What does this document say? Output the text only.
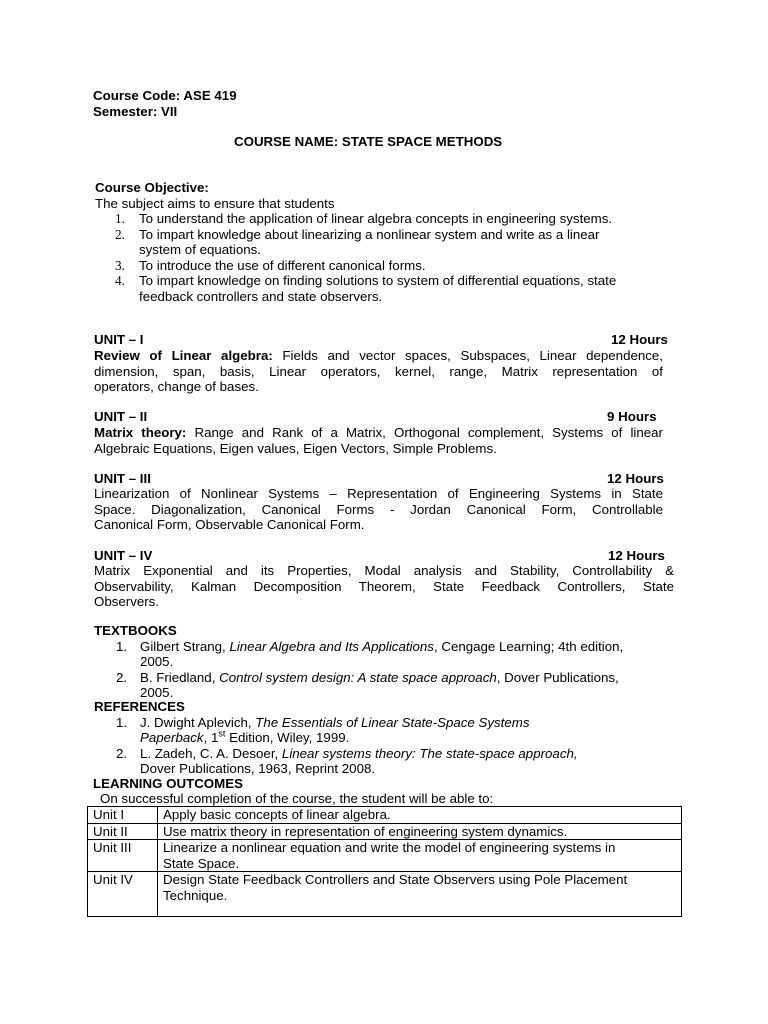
Course Code: ASE 419
Semester: VII
COURSE NAME: STATE SPACE METHODS
Course Objective:
The subject aims to ensure that students
1. To understand the application of linear algebra concepts in engineering systems.
2. To impart knowledge about linearizing a nonlinear system and write as a linear
system of equations.
3. To introduce the use of different canonical forms.
4. To impart knowledge on finding solutions to system of differential equations, state
feedback controllers and state observers.
UNIT – I	12 Hours
Review of Linear algebra: Fields and vector spaces, Subspaces, Linear dependence,
dimension, span, basis, Linear operators, kernel, range, Matrix representation of
operators, change of bases.
UNIT – II	9 Hours
Matrix theory: Range and Rank of a Matrix, Orthogonal complement, Systems of linear
Algebraic Equations, Eigen values, Eigen Vectors, Simple Problems.
UNIT – III	12 Hours
Linearization of Nonlinear Systems – Representation of Engineering Systems in State
Space. Diagonalization, Canonical Forms - Jordan Canonical Form, Controllable
Canonical Form, Observable Canonical Form.
UNIT – IV	12 Hours
Matrix Exponential and its Properties, Modal analysis and Stability, Controllability &
Observability, Kalman Decomposition Theorem, State Feedback Controllers, State
Observers.
TEXTBOOKS
1. Gilbert Strang, Linear Algebra and Its Applications, Cengage Learning; 4th edition,
2005.
2. B. Friedland, Control system design: A state space approach, Dover Publications,
2005.
REFERENCES
1. J. Dwight Aplevich, The Essentials of Linear State-Space Systems
Paperback, 1st Edition, Wiley, 1999.
2. L. Zadeh, C. A. Desoer, Linear systems theory: The state-space approach,
Dover Publications, 1963, Reprint 2008.
LEARNING OUTCOMES
On successful completion of the course, the student will be able to:
Unit I	Apply basic concepts of linear algebra.
Unit II	Use matrix theory in representation of engineering system dynamics.
Unit III	Linearize a nonlinear equation and write the model of engineering systems in
State Space.
Unit IV	Design State Feedback Controllers and State Observers using Pole Placement
Technique.
